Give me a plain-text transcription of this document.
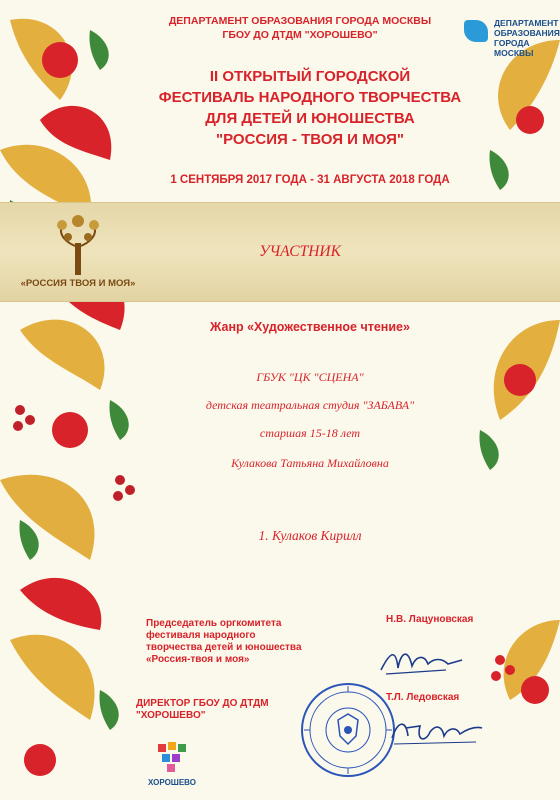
ДЕПАРТАМЕНТ ОБРАЗОВАНИЯ ГОРОДА МОСКВЫ
ГБОУ ДО ДТДМ "ХОРОШЕВО"
ДЕПАРТАМЕНТ
ОБРАЗОВАНИЯ
ГОРОДА МОСКВЫ
II ОТКРЫТЫЙ ГОРОДСКОЙ
ФЕСТИВАЛЬ НАРОДНОГО ТВОРЧЕСТВА
ДЛЯ ДЕТЕЙ И ЮНОШЕСТВА
"РОССИЯ - ТВОЯ И МОЯ"
1 СЕНТЯБРЯ 2017 ГОДА - 31 АВГУСТА 2018 ГОДА
«РОССИЯ ТВОЯ И МОЯ»
УЧАСТНИК
Жанр «Художественное чтение»
ГБУК "ЦК "СЦЕНА"
детская театральная студия "ЗАБАВА"
старшая 15-18 лет
Кулакова Татьяна Михайловна
1. Кулаков Кирилл
Председатель оргкомитета
фестиваля народного
творчества детей и юношества
«Россия-твоя и моя»
Н.В. Лацуновская
ДИРЕКТОР ГБОУ ДО ДТДМ
"ХОРОШЕВО"
Т.Л. Ледовская
ХОРОШЕВО
